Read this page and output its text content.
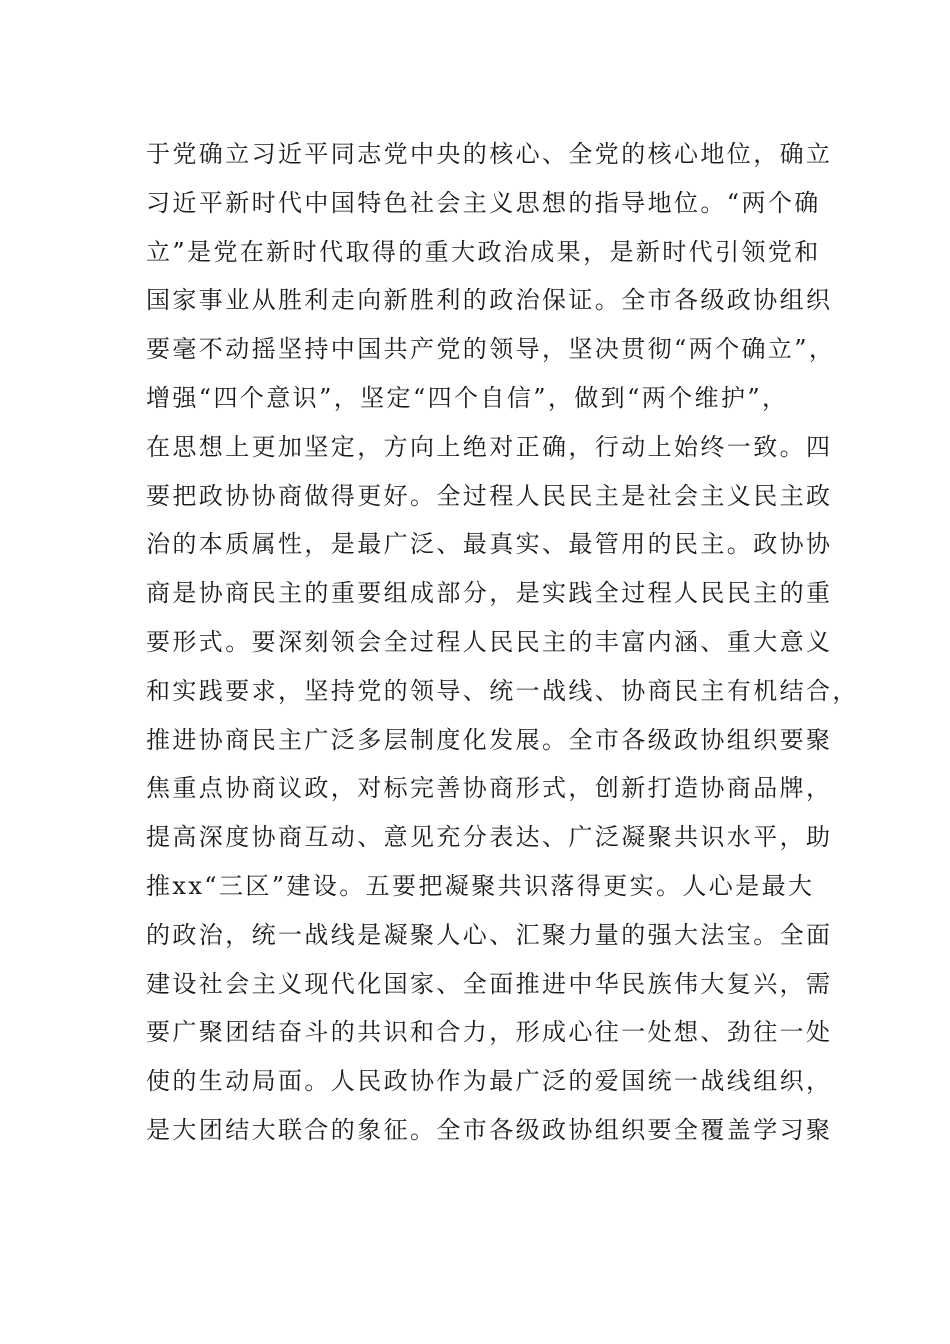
于党确立习近平同志党中央的核心、全党的核心地位，确立
习近平新时代中国特色社会主义思想的指导地位。“两个确
立”是党在新时代取得的重大政治成果，是新时代引领党和
国家事业从胜利走向新胜利的政治保证。全市各级政协组织
要毫不动摇坚持中国共产党的领导，坚决贯彻“两个确立”，
增强“四个意识”，坚定“四个自信”，做到“两个维护”，
在思想上更加坚定，方向上绝对正确，行动上始终一致。四
要把政协协商做得更好。全过程人民民主是社会主义民主政
治的本质属性，是最广泛、最真实、最管用的民主。政协协
商是协商民主的重要组成部分，是实践全过程人民民主的重
要形式。要深刻领会全过程人民民主的丰富内涵、重大意义
和实践要求，坚持党的领导、统一战线、协商民主有机结合，
推进协商民主广泛多层制度化发展。全市各级政协组织要聚
焦重点协商议政，对标完善协商形式，创新打造协商品牌，
提高深度协商互动、意见充分表达、广泛凝聚共识水平，助
推xx“三区”建设。五要把凝聚共识落得更实。人心是最大
的政治，统一战线是凝聚人心、汇聚力量的强大法宝。全面
建设社会主义现代化国家、全面推进中华民族伟大复兴，需
要广聚团结奋斗的共识和合力，形成心往一处想、劲往一处
使的生动局面。人民政协作为最广泛的爱国统一战线组织，
是大团结大联合的象征。全市各级政协组织要全覆盖学习聚
